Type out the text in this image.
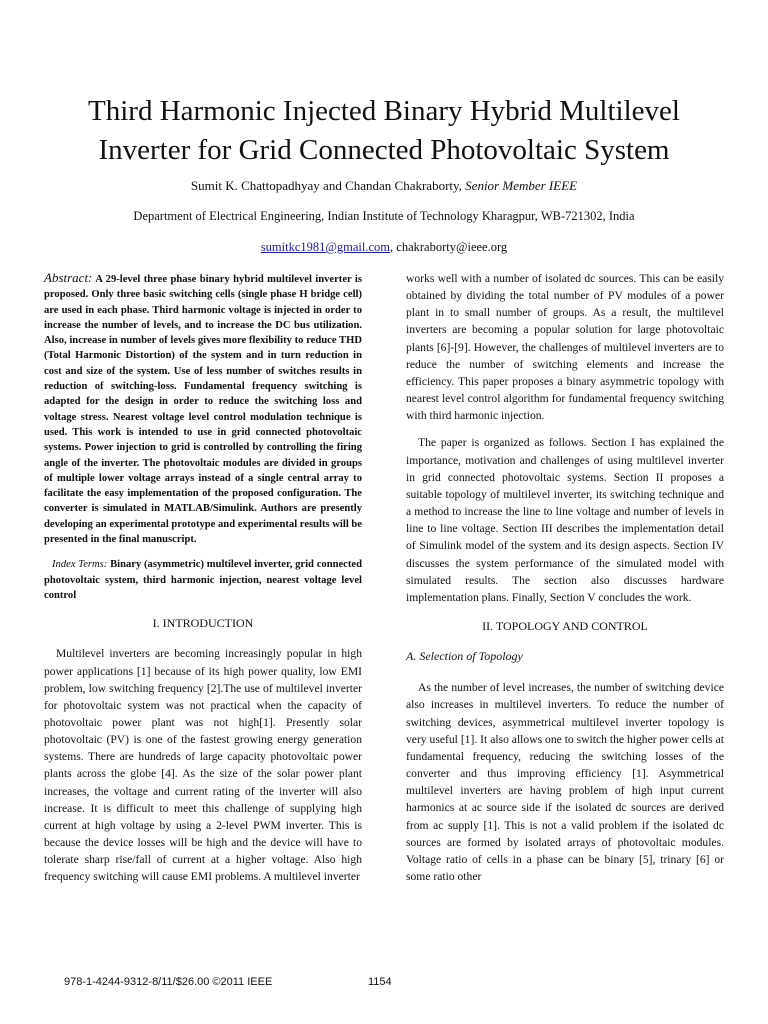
Third Harmonic Injected Binary Hybrid Multilevel Inverter for Grid Connected Photovoltaic System
Sumit K. Chattopadhyay and Chandan Chakraborty, Senior Member IEEE
Department of Electrical Engineering, Indian Institute of Technology Kharagpur, WB-721302, India
sumitkc1981@gmail.com, chakraborty@ieee.org

Abstract: A 29-level three phase binary hybrid multilevel inverter is proposed. Only three basic switching cells (single phase H bridge cell) are used in each phase. Third harmonic voltage is injected in order to increase the number of levels, and to increase the DC bus utilization. Also, increase in number of levels gives more flexibility to reduce THD (Total Harmonic Distortion) of the system and in turn reduction in cost and size of the system. Use of less number of switches results in reduction of switching-loss. Fundamental frequency switching is adapted for the design in order to reduce the switching loss and voltage stress. Nearest voltage level control modulation technique is used. This work is intended to use in grid connected photovoltaic systems. Power injection to grid is controlled by controlling the firing angle of the inverter. The photovoltaic modules are divided in groups of multiple lower voltage arrays instead of a single central array to facilitate the easy implementation of the proposed configuration. The converter is simulated in MATLAB/Simulink. Authors are presently developing an experimental prototype and experimental results will be presented in the final manuscript.

Index Terms: Binary (asymmetric) multilevel inverter, grid connected photovoltaic system, third harmonic injection, nearest voltage level control

I. INTRODUCTION

Multilevel inverters are becoming increasingly popular in high power applications [1] because of its high power quality, low EMI problem, low switching frequency [2].The use of multilevel inverter for photovoltaic system was not practical when the capacity of photovoltaic power plant was not high[1]. Presently solar photovoltaic (PV) is one of the fastest growing energy generation systems. There are hundreds of large capacity photovoltaic power plants across the globe [4]. As the size of the solar power plant increases, the voltage and current rating of the inverter will also increase. It is difficult to meet this challenge of supplying high current at high voltage by using a 2-level PWM inverter. This is because the device losses will be high and the device will have to tolerate sharp rise/fall of current at a higher voltage. Also high frequency switching will cause EMI problems. A multilevel inverter

works well with a number of isolated dc sources. This can be easily obtained by dividing the total number of PV modules of a power plant in to small number of groups. As a result, the multilevel inverters are becoming a popular solution for large photovoltaic plants [6]-[9]. However, the challenges of multilevel inverters are to reduce the number of switching elements and increase the efficiency. This paper proposes a binary asymmetric topology with nearest level control algorithm for fundamental frequency switching with third harmonic injection.

The paper is organized as follows. Section I has explained the importance, motivation and challenges of using multilevel inverter in grid connected photovoltaic systems. Section II proposes a suitable topology of multilevel inverter, its switching technique and a method to increase the line to line voltage and number of levels in line to line voltage. Section III describes the implementation detail of Simulink model of the system and its design aspects. Section IV discusses the system performance of the simulated model with simulated results. The section also discusses hardware implementation plans. Finally, Section V concludes the work.

II. TOPOLOGY AND CONTROL

A. Selection of Topology

As the number of level increases, the number of switching device also increases in multilevel inverters. To reduce the number of switching devices, asymmetrical multilevel inverter topology is very useful [1]. It also allows one to switch the higher power cells at fundamental frequency, reducing the switching losses of the converter and thus improving efficiency [1]. Asymmetrical multilevel inverters are having problem of high input current harmonics at ac source side if the isolated dc sources are derived from ac supply [1]. This is not a valid problem if the isolated dc sources are formed by isolated arrays of photovoltaic modules. Voltage ratio of cells in a phase can be binary [5], trinary [6] or some ratio other

978-1-4244-9312-8/11/$26.00 ©2011 IEEE	1154
